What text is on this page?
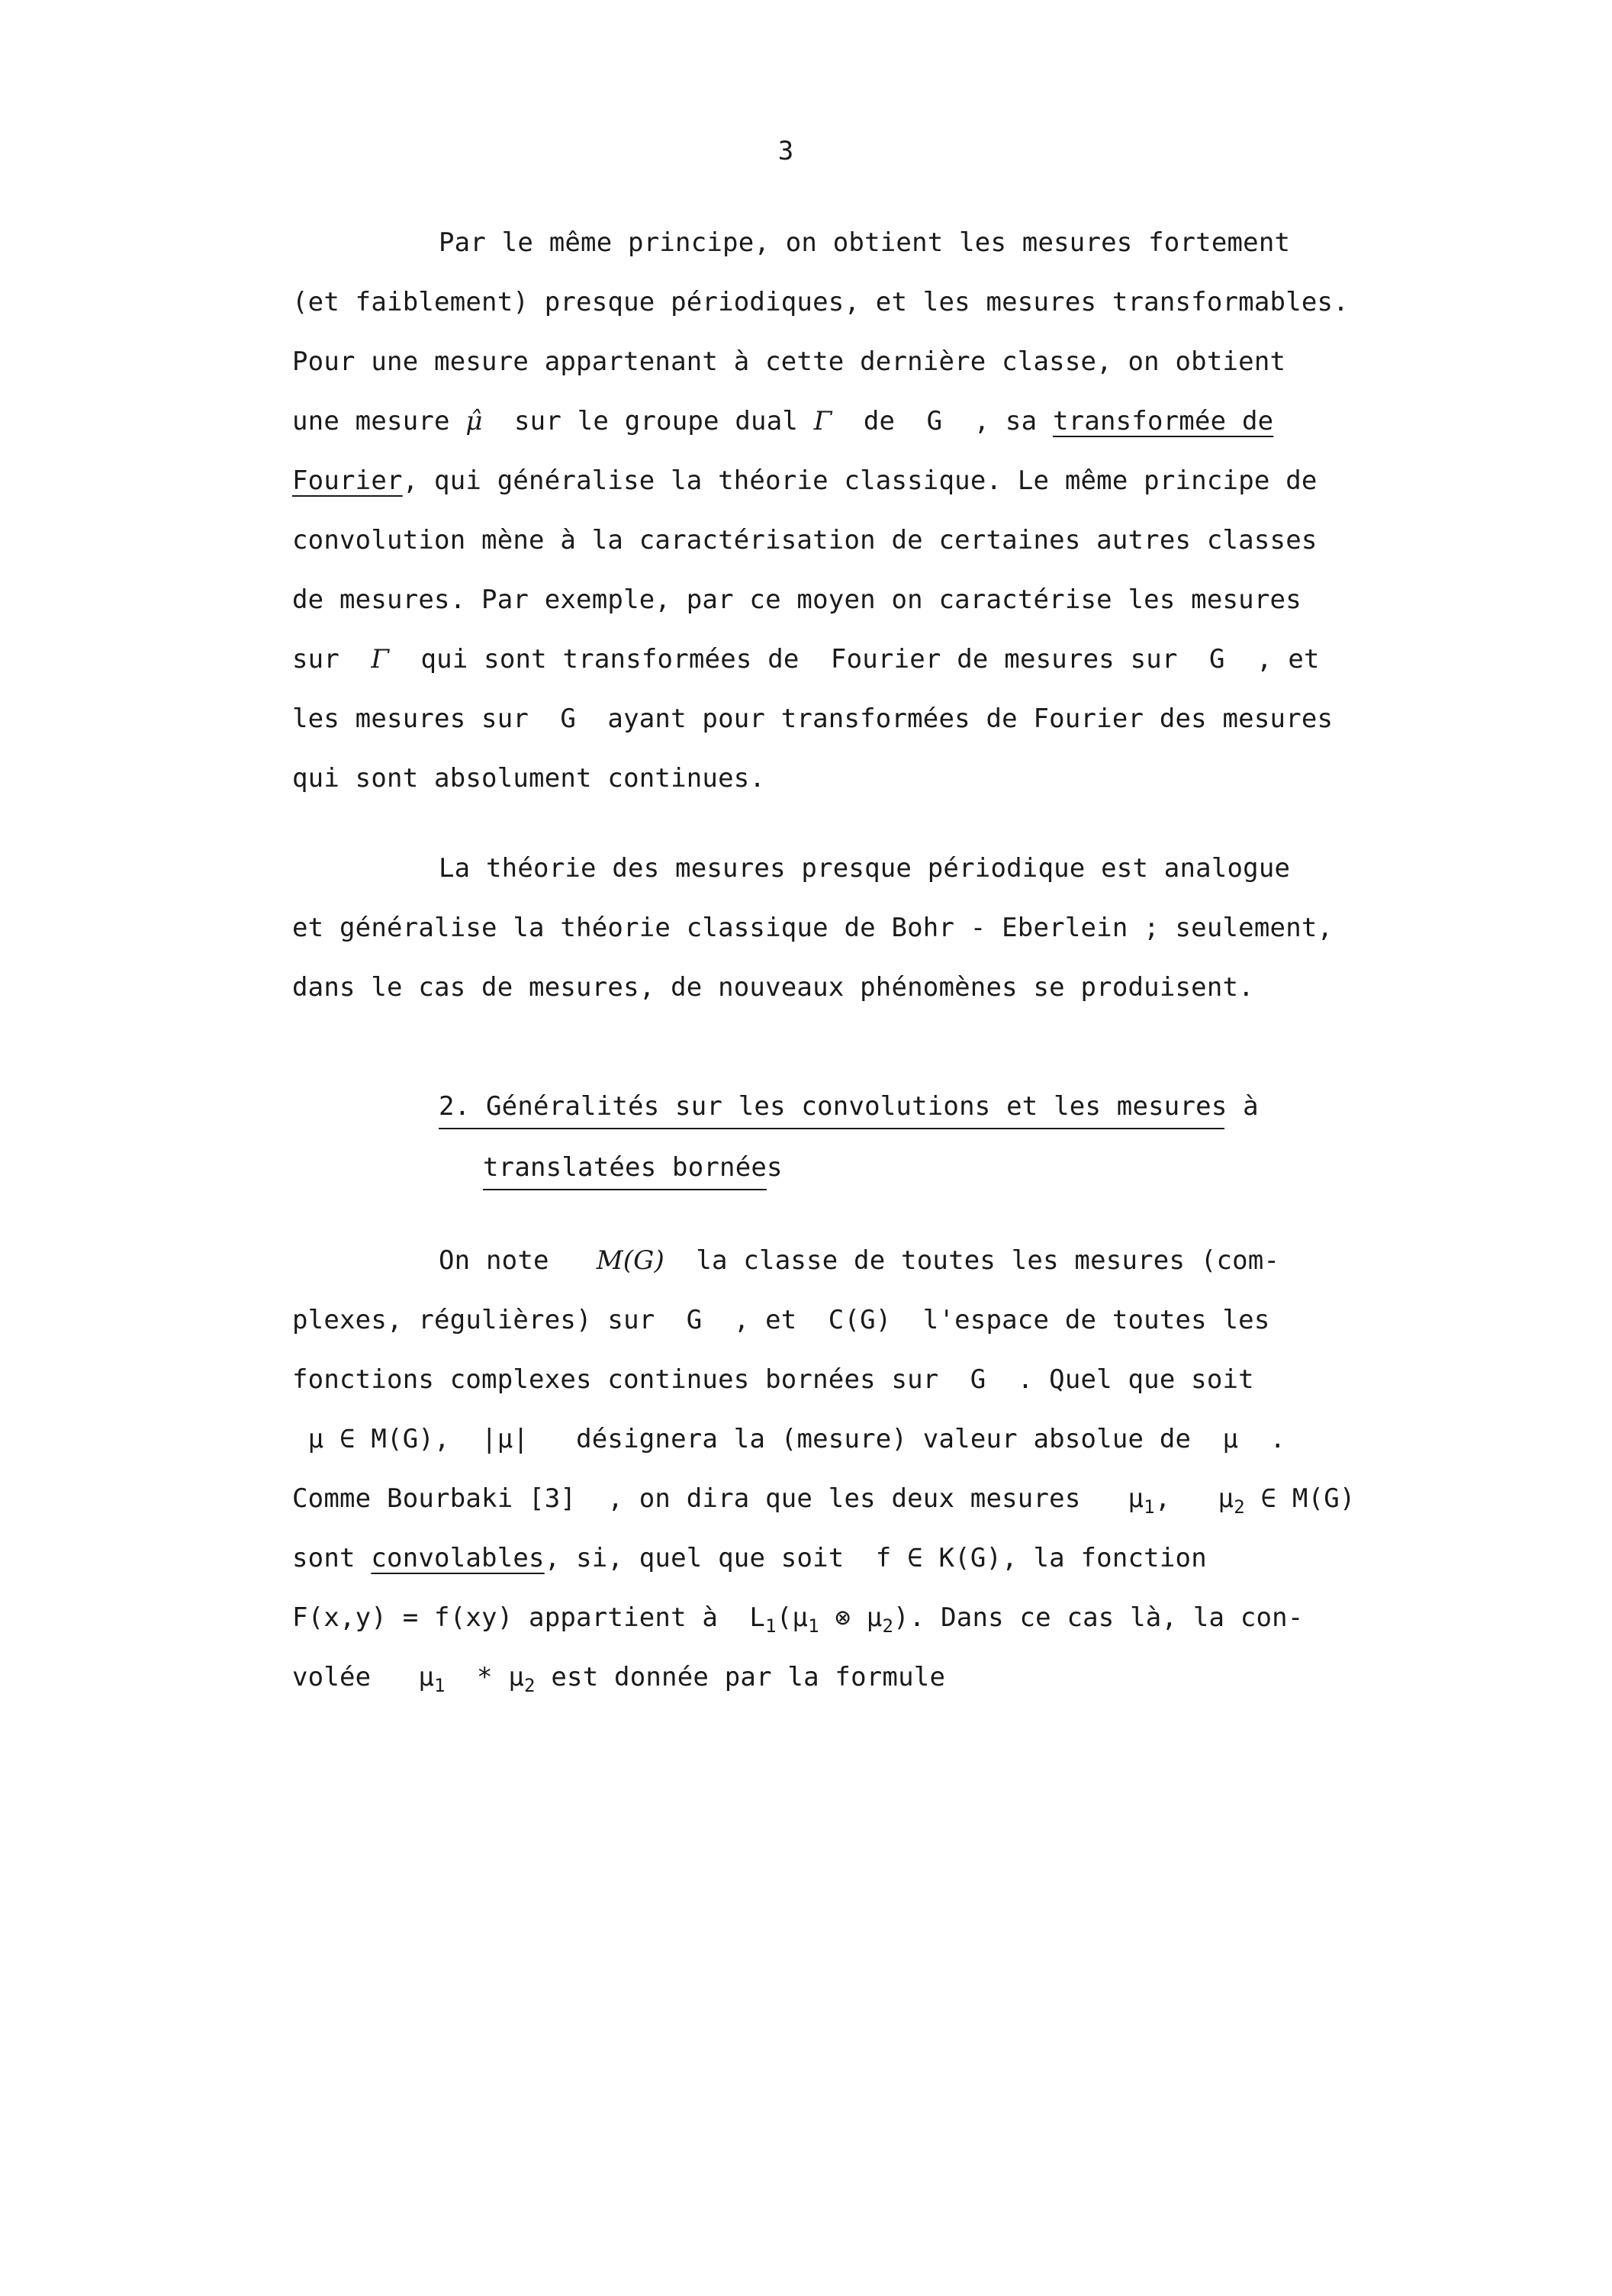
3
Par le même principe, on obtient les mesures fortement
(et faiblement) presque périodiques, et les mesures transformables.
Pour une mesure appartenant à cette dernière classe, on obtient
une mesure μ̂  sur le groupe dual Γ  de  G  , sa transformée de
Fourier, qui généralise la théorie classique. Le même principe de
convolution mène à la caractérisation de certaines autres classes
de mesures. Par exemple, par ce moyen on caractérise les mesures
sur  Γ  qui sont transformées de  Fourier de mesures sur  G  , et
les mesures sur  G  ayant pour transformées de Fourier des mesures
qui sont absolument continues.
La théorie des mesures presque périodique est analogue
et généralise la théorie classique de Bohr - Eberlein ; seulement,
dans le cas de mesures, de nouveaux phénomènes se produisent.
2. Généralités sur les convolutions et les mesures à
translatées bornées
On note   M(G)  la classe de toutes les mesures (com-
plexes, régulières) sur  G  , et  C(G)  l'espace de toutes les
fonctions complexes continues bornées sur  G  . Quel que soit
μ ∈ M(G), |μ|   désignera la (mesure) valeur absolue de  μ  .
Comme Bourbaki [3]  , on dira que les deux mesures   $\mu_1$,   $\mu_2$ ∈ M(G)
sont convolables, si, quel que soit  f ∈ K(G), la fonction
F(x,y) = f(xy) appartient à  $L_1(\mu_1$ ⊗ $\mu_2$). Dans ce cas là, la con-
volée   $\mu_1 * \mu_2$ est donnée par la formule
